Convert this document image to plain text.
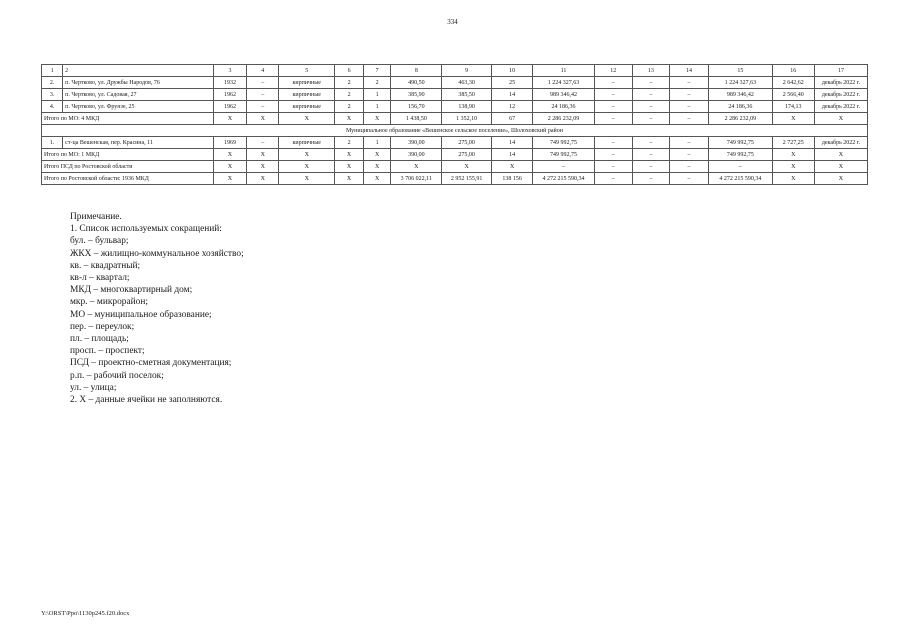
334
1	2	3	4	5	6	7	8	9	10	11	12	13	14	15	16	17
2.	п. Чертково, ул. Дружбы Народов, 76	1932	–	кирпичные	2	2	490,50	463,30	25	1 224 327,63	–	–	–	1 224 327,63	2 642,62	декабрь 2022 г.
3.	п. Чертково, ул. Садовая, 27	1962	–	кирпичные	2	1	385,90	385,50	14	989 346,42	–	–	–	989 346,42	2 566,40	декабрь 2022 г.
4.	п. Чертково, ул. Фрунзе, 25	1962	–	кирпичные	2	1	156,70	138,90	12	24 186,36	–	–	–	24 186,36	174,13	декабрь 2022 г.
Итого по МО: 4 МКД		X	X	X	X	X	1 438,50	1 352,10	67	2 286 232,09	–	–	–	2 286 232,09	X	X
Муниципальное образование «Вешенское сельское поселение», Шолоховский район																
1.	ст-ца Вешенская, пер. Красина, 11	1969	–	кирпичные	2	1	390,00	275,00	14	749 992,75	–	–	–	749 992,75	2 727,25	декабрь 2022 г.
Итого по МО: 1 МКД		X	X	X	X	X	390,00	275,00	14	749 992,75	–	–	–	749 992,75	X	X
Итого ПСД по Ростовской области		X	X	X	X	X	X	X	X	–	–	–	–	–	X	X
Итого по Ростовской области: 1936 МКД		X	X	X	X	X	3 706 022,11	2 952 155,91	138 156	4 272 215 590,34	–	–	–	4 272 215 590,34	X	X
Примечание.
1. Список используемых сокращений:
бул. – бульвар;
ЖКХ – жилищно-коммунальное хозяйство;
кв. – квадратный;
кв-л – квартал;
МКД – многоквартирный дом;
мкр. – микрорайон;
МО – муниципальное образование;
пер. – переулок;
пл. – площадь;
просп. – проспект;
ПСД – проектно-сметная документация;
р.п. – рабочий поселок;
ул. – улица;
2. Х – данные ячейки не заполняются.
Y:\ORST\Ppo\1130p245.f20.docx
